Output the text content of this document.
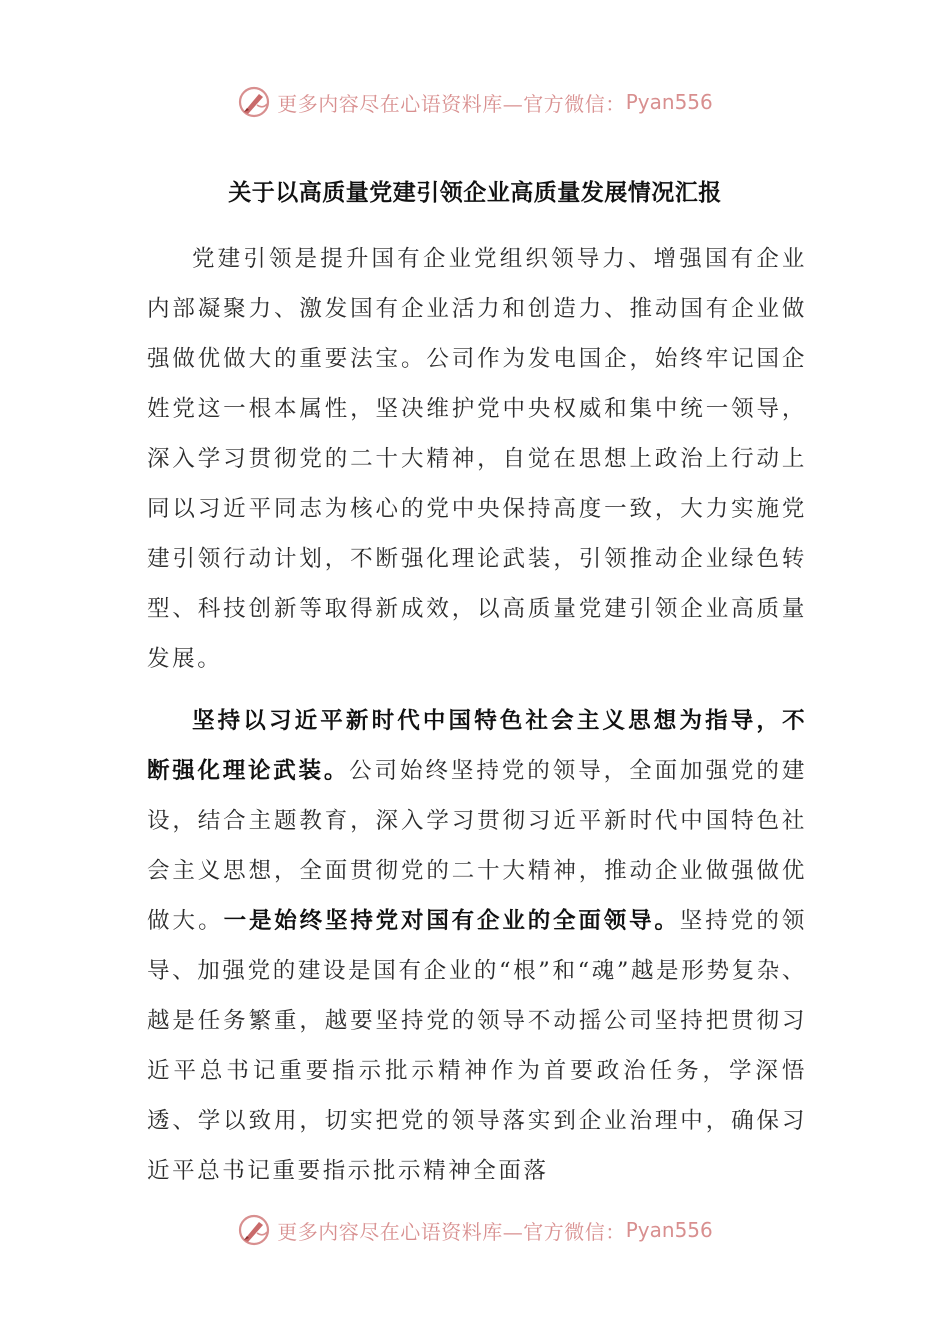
更多内容尽在心语资料库—官方微信： Pyan556
关于以高质量党建引领企业高质量发展情况汇报

党建引领是提升国有企业党组织领导力、增强国有企业内部凝聚力、激发国有企业活力和创造力、推动国有企业做强做优做大的重要法宝。公司作为发电国企，始终牢记国企姓党这一根本属性，坚决维护党中央权威和集中统一领导，深入学习贯彻党的二十大精神，自觉在思想上政治上行动上同以习近平同志为核心的党中央保持高度一致，大力实施党建引领行动计划，不断强化理论武装，引领推动企业绿色转型、科技创新等取得新成效，以高质量党建引领企业高质量发展。

坚持以习近平新时代中国特色社会主义思想为指导，不断强化理论武装。公司始终坚持党的领导，全面加强党的建设，结合主题教育，深入学习贯彻习近平新时代中国特色社会主义思想，全面贯彻党的二十大精神，推动企业做强做优做大。一是始终坚持党对国有企业的全面领导。坚持党的领导、加强党的建设是国有企业的“根”和“魂”越是形势复杂、越是任务繁重，越要坚持党的领导不动摇公司坚持把贯彻习近平总书记重要指示批示精神作为首要政治任务，学深悟透、学以致用，切实把党的领导落实到企业治理中，确保习近平总书记重要指示批示精神全面落

更多内容尽在心语资料库—官方微信： Pyan556
